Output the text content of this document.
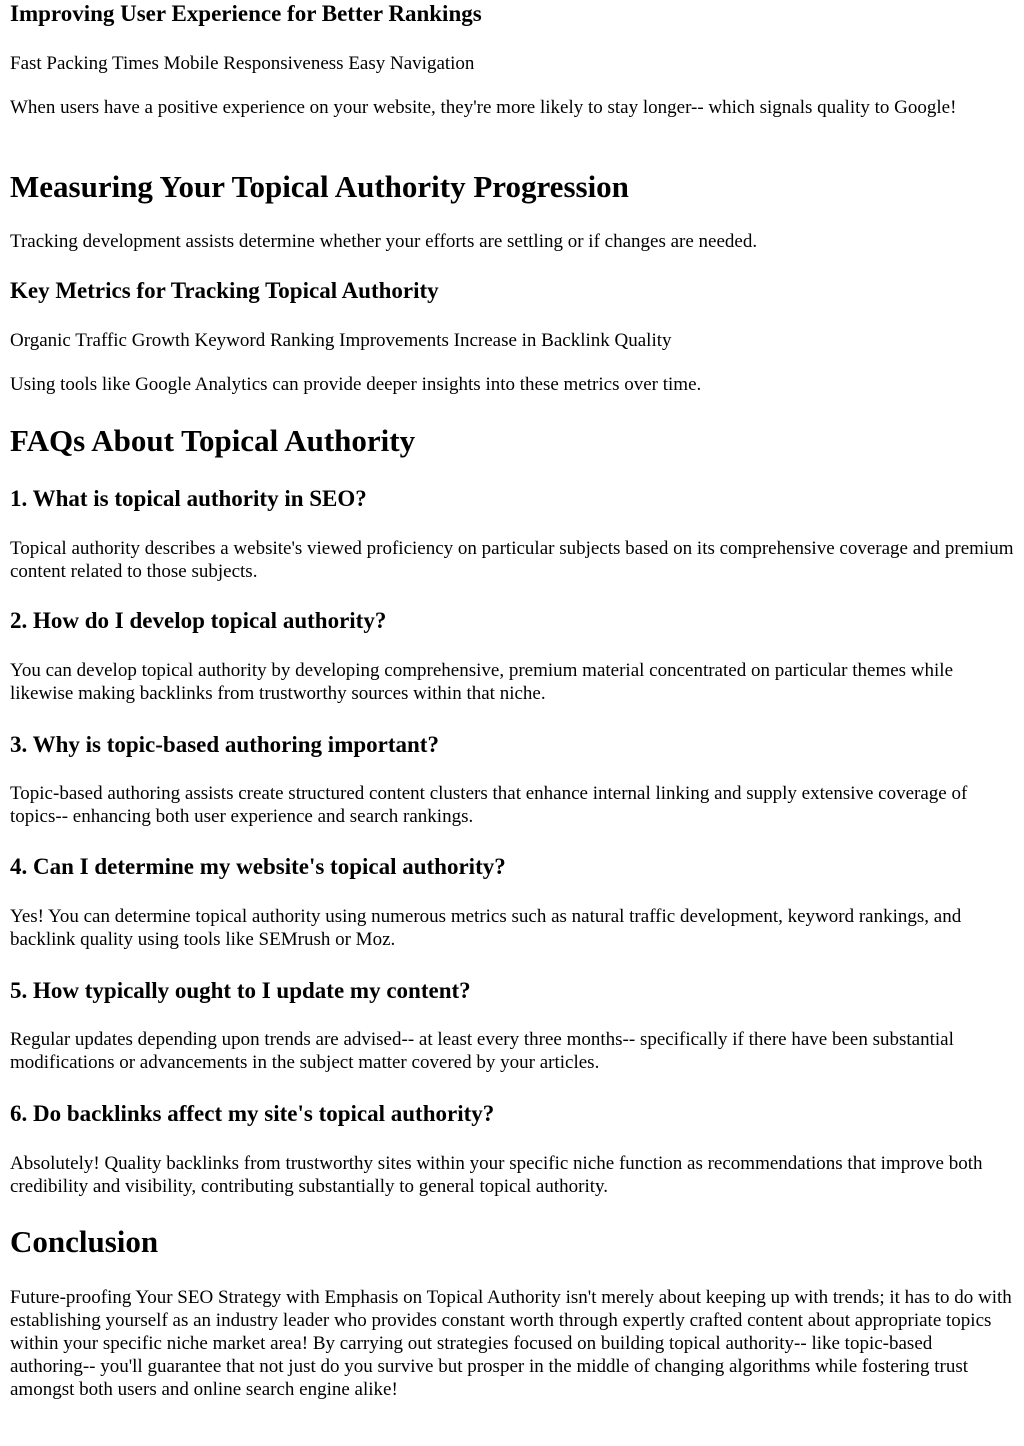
Improving User Experience for Better Rankings

Fast Packing Times Mobile Responsiveness Easy Navigation

When users have a positive experience on your website, they're more likely to stay longer-- which signals quality to Google!

Measuring Your Topical Authority Progression

Tracking development assists determine whether your efforts are settling or if changes are needed.

Key Metrics for Tracking Topical Authority

Organic Traffic Growth Keyword Ranking Improvements Increase in Backlink Quality

Using tools like Google Analytics can provide deeper insights into these metrics over time.

FAQs About Topical Authority
1. What is topical authority in SEO?

Topical authority describes a website's viewed proficiency on particular subjects based on its comprehensive coverage and premium content related to those subjects.

2. How do I develop topical authority?

You can develop topical authority by developing comprehensive, premium material concentrated on particular themes while likewise making backlinks from trustworthy sources within that niche.

3. Why is topic-based authoring important?

Topic-based authoring assists create structured content clusters that enhance internal linking and supply extensive coverage of topics-- enhancing both user experience and search rankings.

4. Can I determine my website's topical authority?

Yes! You can determine topical authority using numerous metrics such as natural traffic development, keyword rankings, and backlink quality using tools like SEMrush or Moz.

5. How typically ought to I update my content?

Regular updates depending upon trends are advised-- at least every three months-- specifically if there have been substantial modifications or advancements in the subject matter covered by your articles.

6. Do backlinks affect my site's topical authority?

Absolutely! Quality backlinks from trustworthy sites within your specific niche function as recommendations that improve both credibility and visibility, contributing substantially to general topical authority.

Conclusion

Future-proofing Your SEO Strategy with Emphasis on Topical Authority isn't merely about keeping up with trends; it has to do with establishing yourself as an industry leader who provides constant worth through expertly crafted content about appropriate topics within your specific niche market area! By carrying out strategies focused on building topical authority-- like topic-based authoring-- you'll guarantee that not just do you survive but prosper in the middle of changing algorithms while fostering trust amongst both users and online search engine alike!
